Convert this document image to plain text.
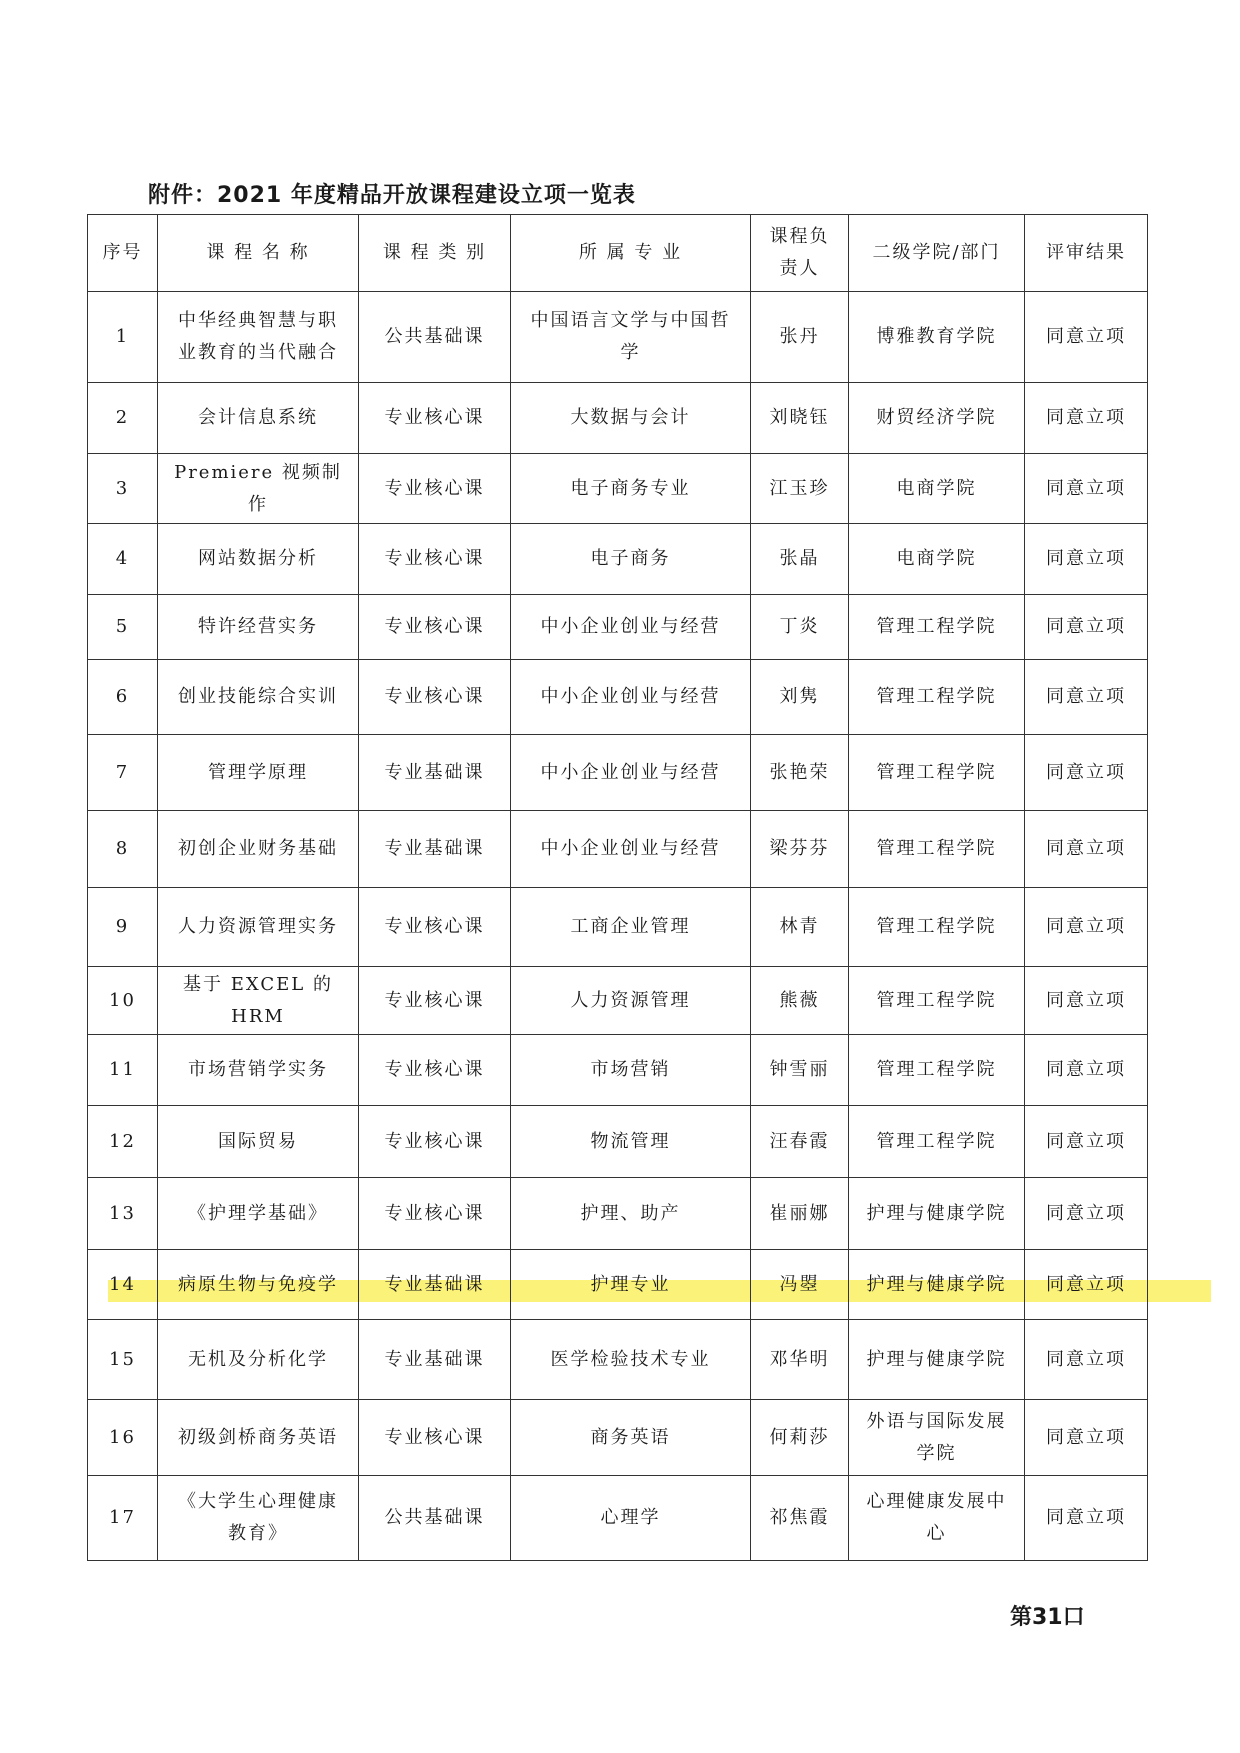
附件：2021 年度精品开放课程建设立项一览表
序号	课 程 名 称	课 程 类 别	所 属 专 业	课程负责人	二级学院/部门	评审结果
1	中华经典智慧与职业教育的当代融合	公共基础课	中国语言文学与中国哲学	张丹	博雅教育学院	同意立项
2	会计信息系统	专业核心课	大数据与会计	刘晓钰	财贸经济学院	同意立项
3	Premiere 视频制作	专业核心课	电子商务专业	江玉珍	电商学院	同意立项
4	网站数据分析	专业核心课	电子商务	张晶	电商学院	同意立项
5	特许经营实务	专业核心课	中小企业创业与经营	丁炎	管理工程学院	同意立项
6	创业技能综合实训	专业核心课	中小企业创业与经营	刘隽	管理工程学院	同意立项
7	管理学原理	专业基础课	中小企业创业与经营	张艳荣	管理工程学院	同意立项
8	初创企业财务基础	专业基础课	中小企业创业与经营	梁芬芬	管理工程学院	同意立项
9	人力资源管理实务	专业核心课	工商企业管理	林青	管理工程学院	同意立项
10	基于 EXCEL 的 HRM	专业核心课	人力资源管理	熊薇	管理工程学院	同意立项
11	市场营销学实务	专业核心课	市场营销	钟雪丽	管理工程学院	同意立项
12	国际贸易	专业核心课	物流管理	汪春霞	管理工程学院	同意立项
13	《护理学基础》	专业核心课	护理、助产	崔丽娜	护理与健康学院	同意立项
14	病原生物与免疫学	专业基础课	护理专业	冯曌	护理与健康学院	同意立项
15	无机及分析化学	专业基础课	医学检验技术专业	邓华明	护理与健康学院	同意立项
16	初级剑桥商务英语	专业核心课	商务英语	何莉莎	外语与国际发展学院	同意立项
17	《大学生心理健康教育》	公共基础课	心理学	祁焦霞	心理健康发展中心	同意立项
第31口
